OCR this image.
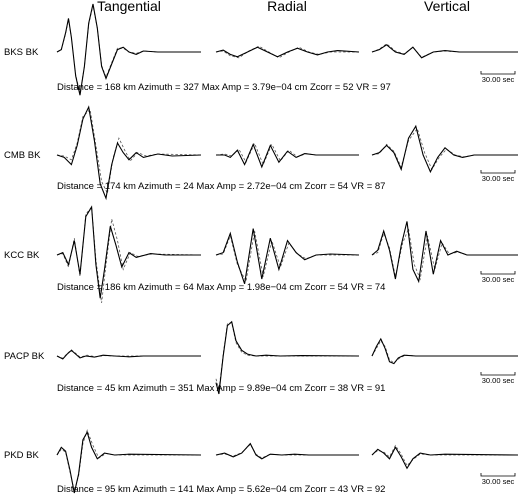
Tangential	Radial	Vertical
BKS BK
Distance = 168 km Azimuth = 327 Max Amp = 3.79e−04 cm Zcorr = 52 VR = 97
30.00 sec
CMB BK
Distance = 174 km Azimuth = 24 Max Amp = 2.72e−04 cm Zcorr = 54 VR = 87
30.00 sec
KCC BK
Distance = 186 km Azimuth = 64 Max Amp = 1.98e−04 cm Zcorr = 54 VR = 74
30.00 sec
PACP BK
Distance = 45 km Azimuth = 351 Max Amp = 9.89e−04 cm Zcorr = 38 VR = 91
30.00 sec
PKD BK
Distance = 95 km Azimuth = 141 Max Amp = 5.62e−04 cm Zcorr = 43 VR = 92
30.00 sec
